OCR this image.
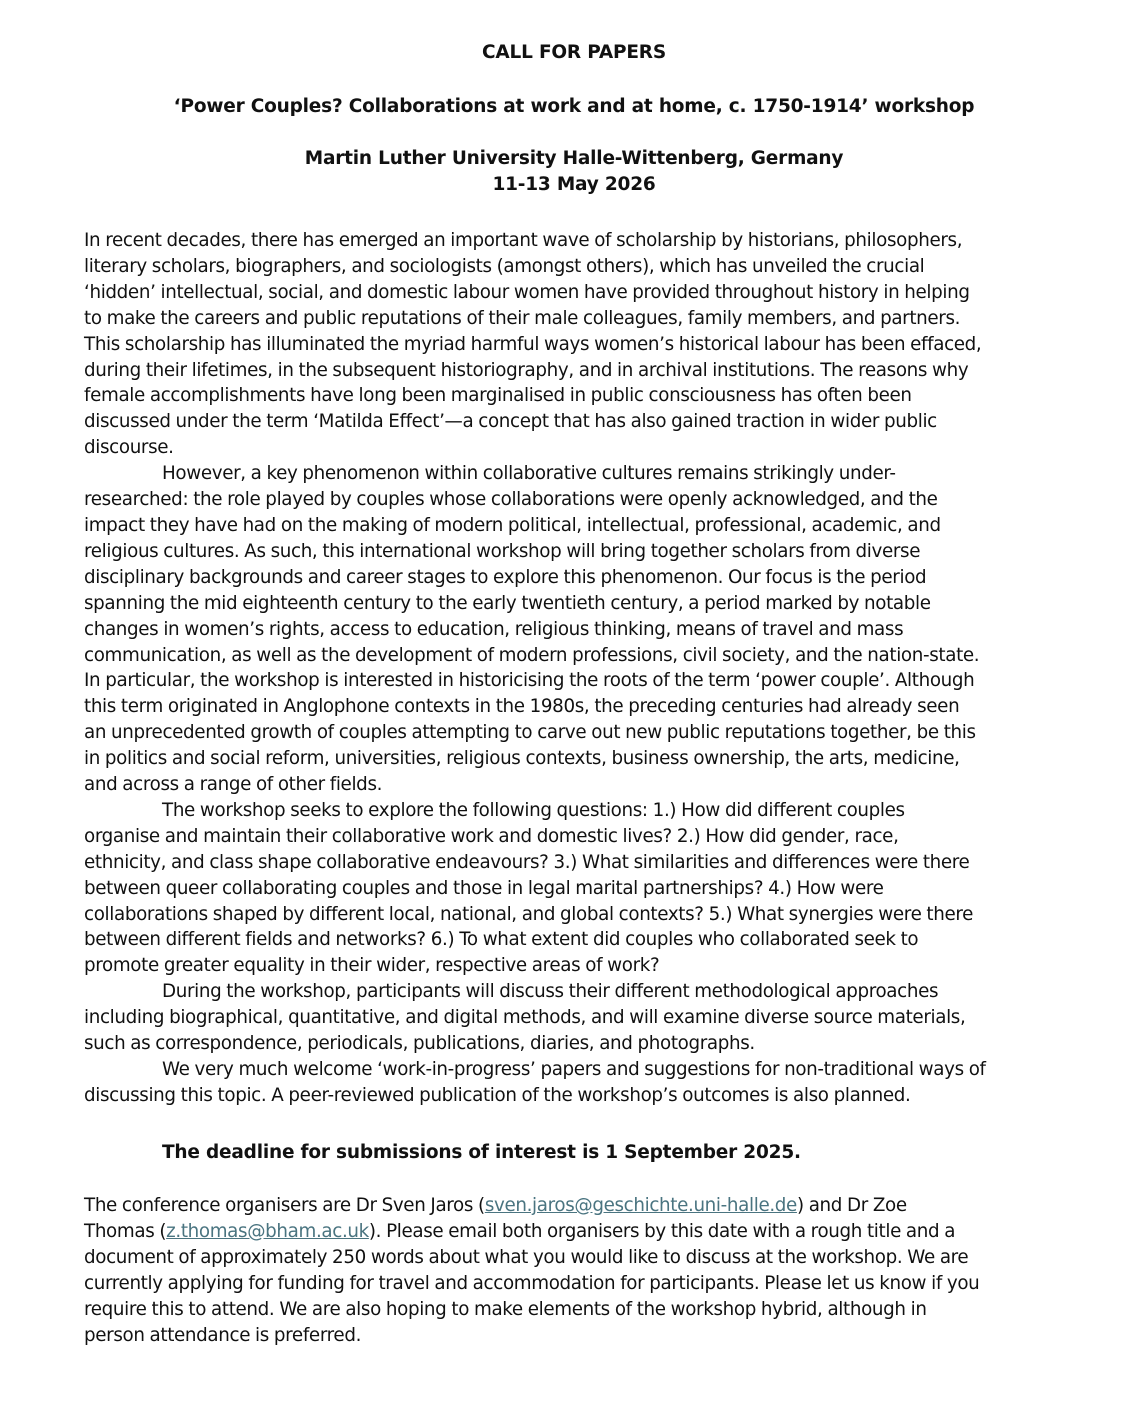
CALL FOR PAPERS
‘Power Couples? Collaborations at work and at home, c. 1750-1914’ workshop
Martin Luther University Halle-Wittenberg, Germany
11-13 May 2026

In recent decades, there has emerged an important wave of scholarship by historians, philosophers,
literary scholars, biographers, and sociologists (amongst others), which has unveiled the crucial
‘hidden’ intellectual, social, and domestic labour women have provided throughout history in helping
to make the careers and public reputations of their male colleagues, family members, and partners.
This scholarship has illuminated the myriad harmful ways women’s historical labour has been effaced,
during their lifetimes, in the subsequent historiography, and in archival institutions. The reasons why
female accomplishments have long been marginalised in public consciousness has often been
discussed under the term ‘Matilda Effect’—a concept that has also gained traction in wider public
discourse.

However, a key phenomenon within collaborative cultures remains strikingly under-
researched: the role played by couples whose collaborations were openly acknowledged, and the
impact they have had on the making of modern political, intellectual, professional, academic, and
religious cultures. As such, this international workshop will bring together scholars from diverse
disciplinary backgrounds and career stages to explore this phenomenon. Our focus is the period
spanning the mid eighteenth century to the early twentieth century, a period marked by notable
changes in women’s rights, access to education, religious thinking, means of travel and mass
communication, as well as the development of modern professions, civil society, and the nation-state.
In particular, the workshop is interested in historicising the roots of the term ‘power couple’. Although
this term originated in Anglophone contexts in the 1980s, the preceding centuries had already seen
an unprecedented growth of couples attempting to carve out new public reputations together, be this
in politics and social reform, universities, religious contexts, business ownership, the arts, medicine,
and across a range of other fields.

The workshop seeks to explore the following questions: 1.) How did different couples
organise and maintain their collaborative work and domestic lives? 2.) How did gender, race,
ethnicity, and class shape collaborative endeavours? 3.) What similarities and differences were there
between queer collaborating couples and those in legal marital partnerships? 4.) How were
collaborations shaped by different local, national, and global contexts? 5.) What synergies were there
between different fields and networks? 6.) To what extent did couples who collaborated seek to
promote greater equality in their wider, respective areas of work?

During the workshop, participants will discuss their different methodological approaches
including biographical, quantitative, and digital methods, and will examine diverse source materials,
such as correspondence, periodicals, publications, diaries, and photographs.

We very much welcome ‘work-in-progress’ papers and suggestions for non-traditional ways of
discussing this topic. A peer-reviewed publication of the workshop’s outcomes is also planned.

The deadline for submissions of interest is 1 September 2025.

The conference organisers are Dr Sven Jaros (sven.jaros@geschichte.uni-halle.de) and Dr Zoe
Thomas (z.thomas@bham.ac.uk). Please email both organisers by this date with a rough title and a
document of approximately 250 words about what you would like to discuss at the workshop. We are
currently applying for funding for travel and accommodation for participants. Please let us know if you
require this to attend. We are also hoping to make elements of the workshop hybrid, although in
person attendance is preferred.
